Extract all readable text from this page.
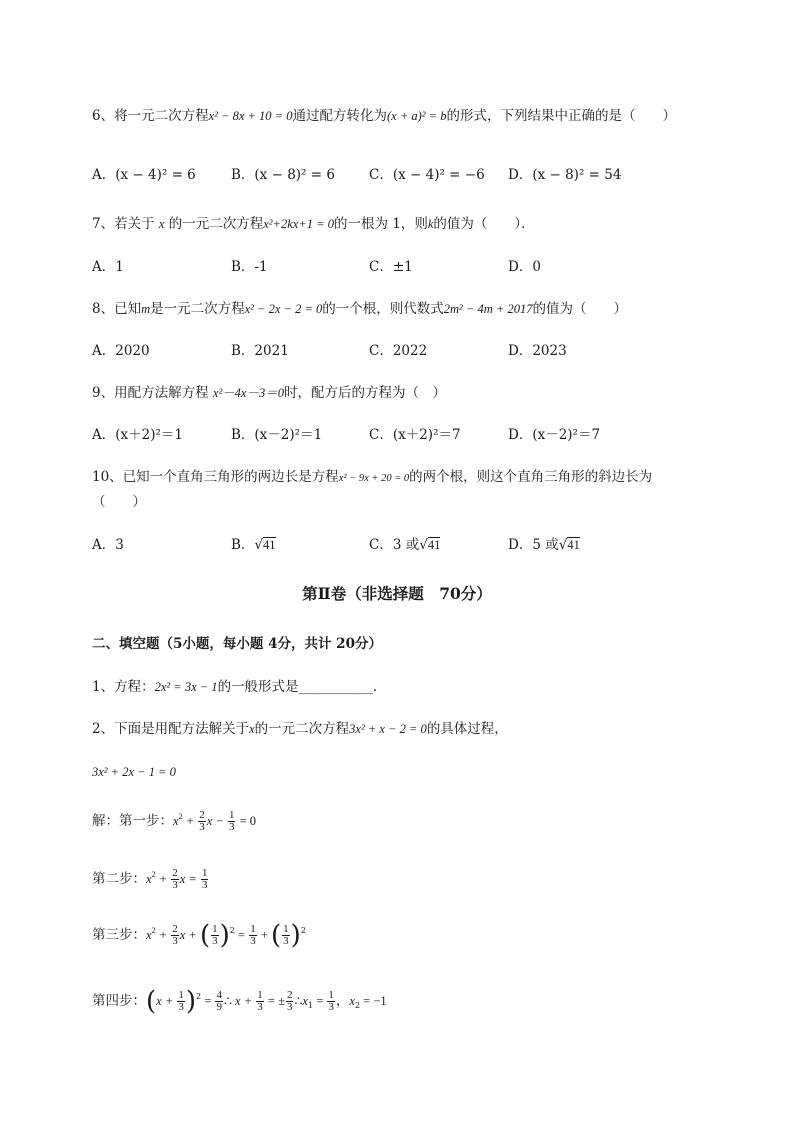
6、将一元二次方程x² − 8x + 10 = 0通过配方转化为(x + a)² = b的形式，下列结果中正确的是（　　）
A．(x − 4)² = 6	B．(x − 8)² = 6	C．(x − 4)² = −6 D．(x − 8)² = 54
7、若关于 x 的一元二次方程x²+2kx+1 = 0的一根为 1，则k的值为（　　）．
A．1	B．-1	C．±1	D．0
8、已知m是一元二次方程x² − 2x − 2 = 0的一个根，则代数式2m² − 4m + 2017的值为（　　）
A．2020	B．2021	C．2022	D．2023
9、用配方法解方程 x²－4x－3＝0时，配方后的方程为（　）
A．(x＋2)²＝1	B．(x－2)²＝1	C．(x＋2)²＝7	D．(x－2)²＝7
10、已知一个直角三角形的两边长是方程x² − 9x + 20 = 0的两个根，则这个直角三角形的斜边长为
（　　）
A．3	B．√41	C．3 或√41	D．5 或√41
第Ⅱ卷（非选择题　70分）
二、填空题（5小题，每小题 4分，共计 20分）
1、方程：2x² = 3x − 1的一般形式是___________．
2、下面是用配方法解关于x的一元二次方程3x² + x − 2 = 0的具体过程，
3x² + 2x − 1 = 0
解：第一步：$x^2 + \frac{2}{3}$ $x - \frac{1}{3} = 0$
第二步：$x^2 + \frac{2}{3}$ $x = \frac{1}{3}$
第三步：$x^2 + \frac{2}{3}$ x + ( $\frac{1}{3} )^2 = \frac{1}{3}$ + ( $\frac{1}{3} )^2$
第四步：$(x + \frac{1}{3} )^2 = \frac{4}{9}$ ∴ $x + \frac{1}{3}$ = ± $\frac{2}{3}$ $\therefore x_1 = \frac{1}{3}$ ，$x_2 = -1$
